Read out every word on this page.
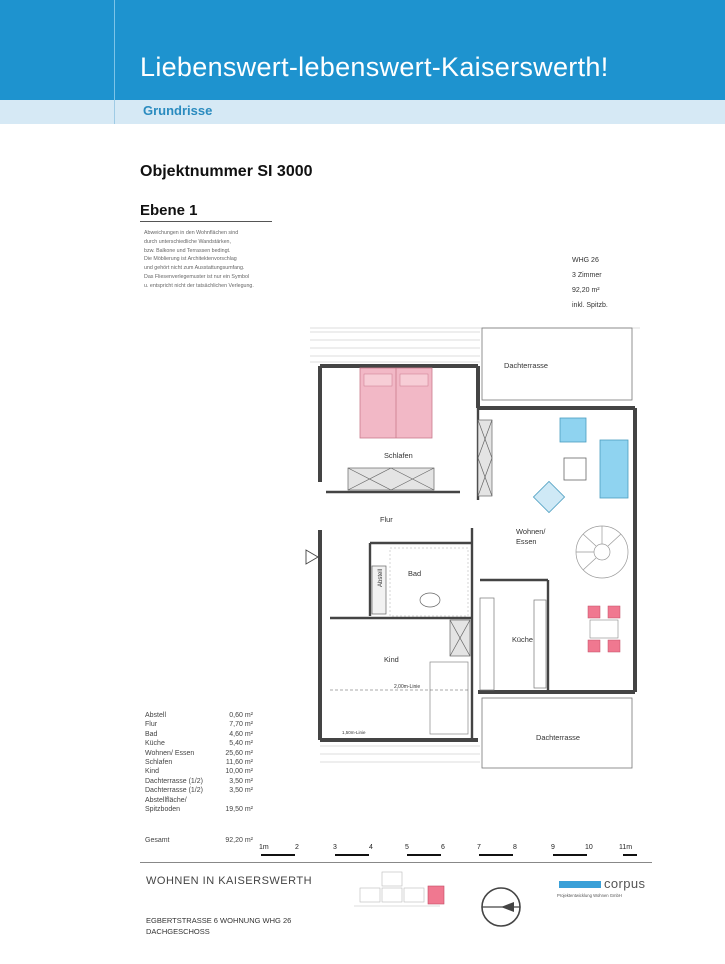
Liebenswert-lebenswert-Kaiserswerth!
Grundrisse
Objektnummer SI 3000
Ebene 1
Abweichungen in den Wohnflächen sind
durch unterschiedliche Wandstärken,
bzw. Balkone und Terrassen bedingt.
Die Möblierung ist Architektenvorschlag
und gehört nicht zum Ausstattungsumfang.
Das Fliesenverlegemuster ist nur ein Symbol
u. entspricht nicht der tatsächlichen Verlegung.
WHG 26
3 Zimmer
92,20 m²
inkl. Spitzb.
Dachterrasse
Schlafen
Flur
Abstell	Bad
Kind
2,00m-Linie
1,50m-Linie
Wohnen/
Essen
Küche
Dachterrasse
Abstell	0,60 m²
Flur	7,70 m²
Bad	4,60 m²
Küche	5,40 m²
Wohnen/ Essen	25,60 m²
Schlafen	11,60 m²
Kind	10,00 m²
Dachterrasse (1/2)	3,50 m²
Dachterrasse (1/2)	3,50 m²
Abstellfläche/
Spitzboden	19,50 m²
Gesamt	92,20 m²
1m	2	3	4	5	6	7	8	9	10	11m
WOHNEN IN KAISERSWERTH
EGBERTSTRASSE 6 WOHNUNG WHG 26
DACHGESCHOSS
corpus
Projektentwicklung Wohnen GmbH
